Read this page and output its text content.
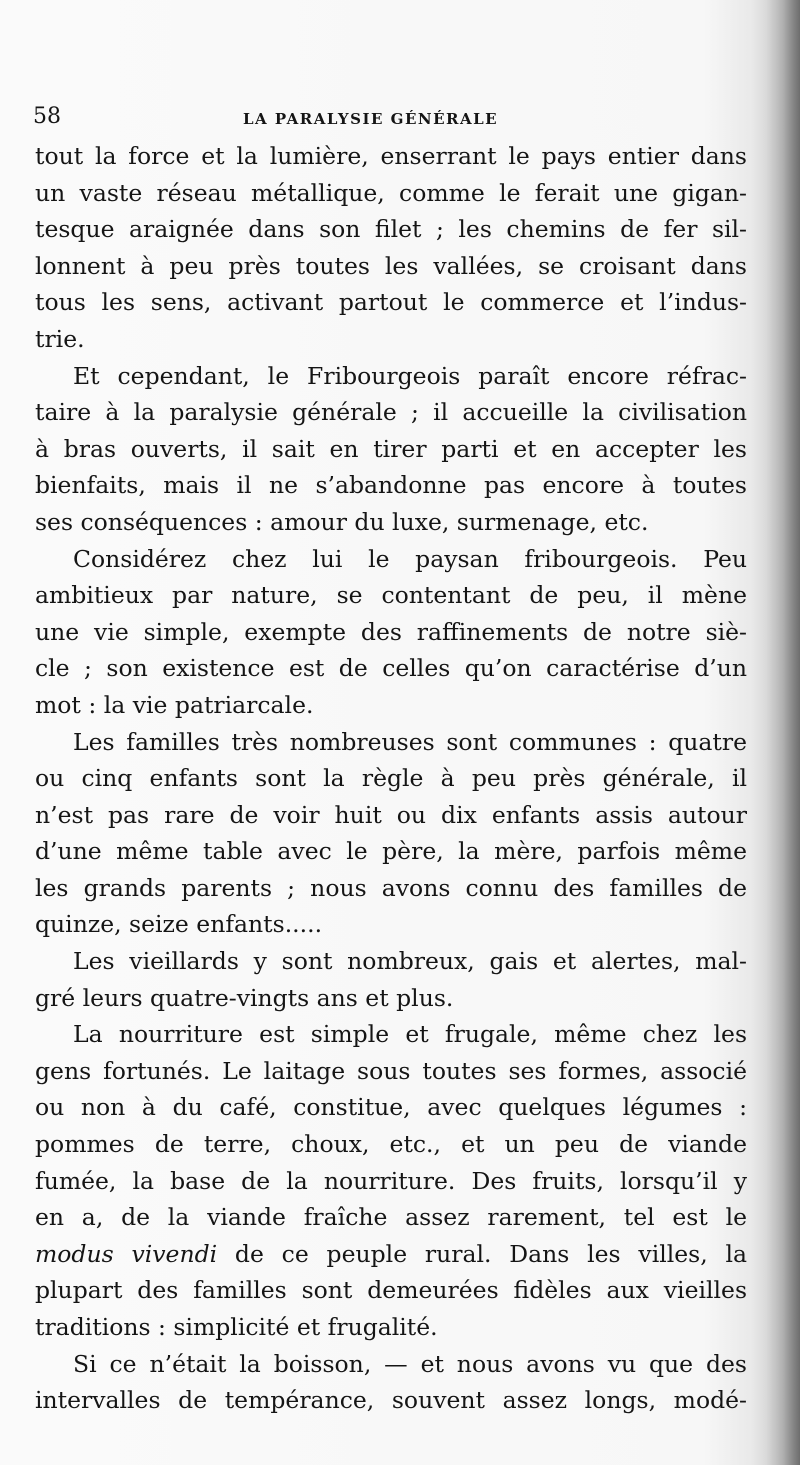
58	LA PARALYSIE GÉNÉRALE
tout la force et la lumière, enserrant le pays entier dans
un vaste réseau métallique, comme le ferait une gigan-
tesque araignée dans son filet ; les chemins de fer sil-
lonnent à peu près toutes les vallées, se croisant dans
tous les sens, activant partout le commerce et l’indus-
trie.
Et cependant, le Fribourgeois paraît encore réfrac-
taire à la paralysie générale ; il accueille la civilisation
à bras ouverts, il sait en tirer parti et en accepter les
bienfaits, mais il ne s’abandonne pas encore à toutes
ses conséquences : amour du luxe, surmenage, etc.
Considérez chez lui le paysan fribourgeois. Peu
ambitieux par nature, se contentant de peu, il mène
une vie simple, exempte des raffinements de notre siè-
cle ; son existence est de celles qu’on caractérise d’un
mot : la vie patriarcale.
Les familles très nombreuses sont communes : quatre
ou cinq enfants sont la règle à peu près générale, il
n’est pas rare de voir huit ou dix enfants assis autour
d’une même table avec le père, la mère, parfois même
les grands parents ; nous avons connu des familles de
quinze, seize enfants.....
Les vieillards y sont nombreux, gais et alertes, mal-
gré leurs quatre-vingts ans et plus.
La nourriture est simple et frugale, même chez les
gens fortunés. Le laitage sous toutes ses formes, associé
ou non à du café, constitue, avec quelques légumes :
pommes de terre, choux, etc., et un peu de viande
fumée, la base de la nourriture. Des fruits, lorsqu’il y
en a, de la viande fraîche assez rarement, tel est le
modus vivendi de ce peuple rural. Dans les villes, la
plupart des familles sont demeurées fidèles aux vieilles
traditions : simplicité et frugalité.
Si ce n’était la boisson, — et nous avons vu que des
intervalles de tempérance, souvent assez longs, modé-
